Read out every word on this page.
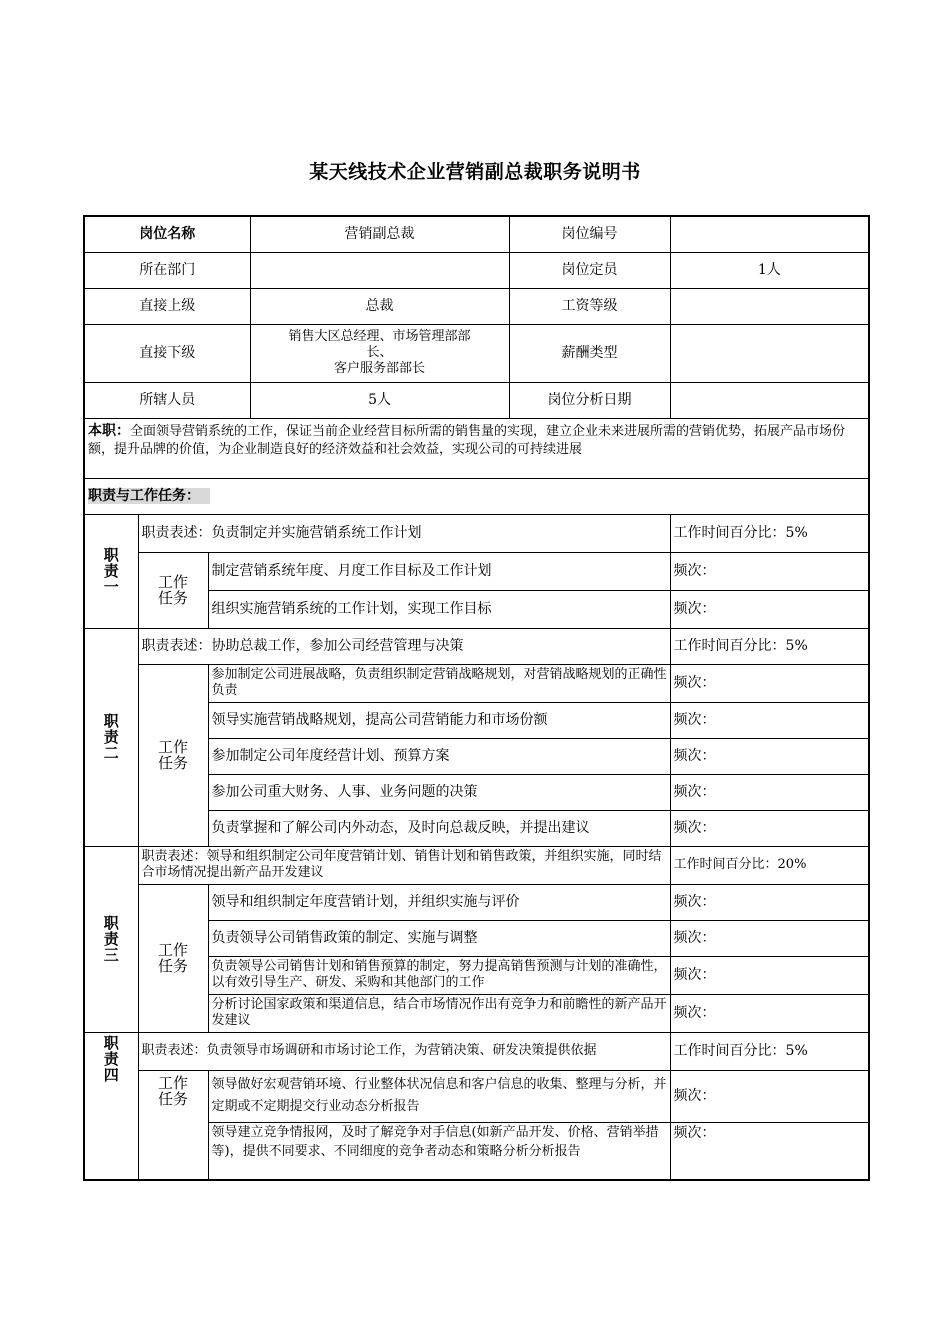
某天线技术企业营销副总裁职务说明书
岗位名称			营销副总裁	岗位编号	
所在部门				岗位定员	1人
直接上级			总裁	工资等级	
直接下级			销售大区总经理、市场管理部部
长、
客户服务部部长	薪酬类型	
所辖人员			5人	岗位分析日期	
本职：全面领导营销系统的工作，保证当前企业经营目标所需的销售量的实现，建立企业未来进展所需的营销优势，拓展产品市场份额，提升品牌的价值，为企业制造良好的经济效益和社会效益，实现公司的可持续进展					
职责与工作任务：					

职
责
一	职责表述：负责制定并实施营销系统工作计划				工作时间百分比：5%

	工作
任务	制定营销系统年度、月度工作目标及工作计划			频次：
		组织实施营销系统的工作计划，实现工作目标			频次：

职
责
二	职责表述：协助总裁工作，参加公司经营管理与决策				工作时间百分比：5%

	工作
任务	参加制定公司进展战略，负责组织制定营销战略规划，对营销战略规划的正确性负责			频次：
		领导实施营销战略规划，提高公司营销能力和市场份额			频次：
		参加制定公司年度经营计划、预算方案			频次：
		参加公司重大财务、人事、业务问题的决策			频次：
		负责掌握和了解公司内外动态，及时向总裁反映，并提出建议			频次：

职
责
三	职责表述：领导和组织制定公司年度营销计划、销售计划和销售政策，并组织实施，同时结合市场情况提出新产品开发建议				工作时间百分比：20%

	工作
任务	领导和组织制定年度营销计划，并组织实施与评价			频次：
		负责领导公司销售政策的制定、实施与调整			频次：
		负责领导公司销售计划和销售预算的制定，努力提高销售预测与计划的准确性，以有效引导生产、研发、采购和其他部门的工作			频次：
		分析讨论国家政策和渠道信息，结合市场情况作出有竞争力和前瞻性的新产品开发建议			频次：

职
责
四	职责表述：负责领导市场调研和市场讨论工作，为营销决策、研发决策提供依据				工作时间百分比：5%

	工作
任务	领导做好宏观营销环境、行业整体状况信息和客户信息的收集、整理与分析，并定期或不定期提交行业动态分析报告			频次：
		领导建立竞争情报网，及时了解竞争对手信息(如新产品开发、价格、营销举措等)，提供不同要求、不同细度的竞争者动态和策略分析分析报告			频次：
